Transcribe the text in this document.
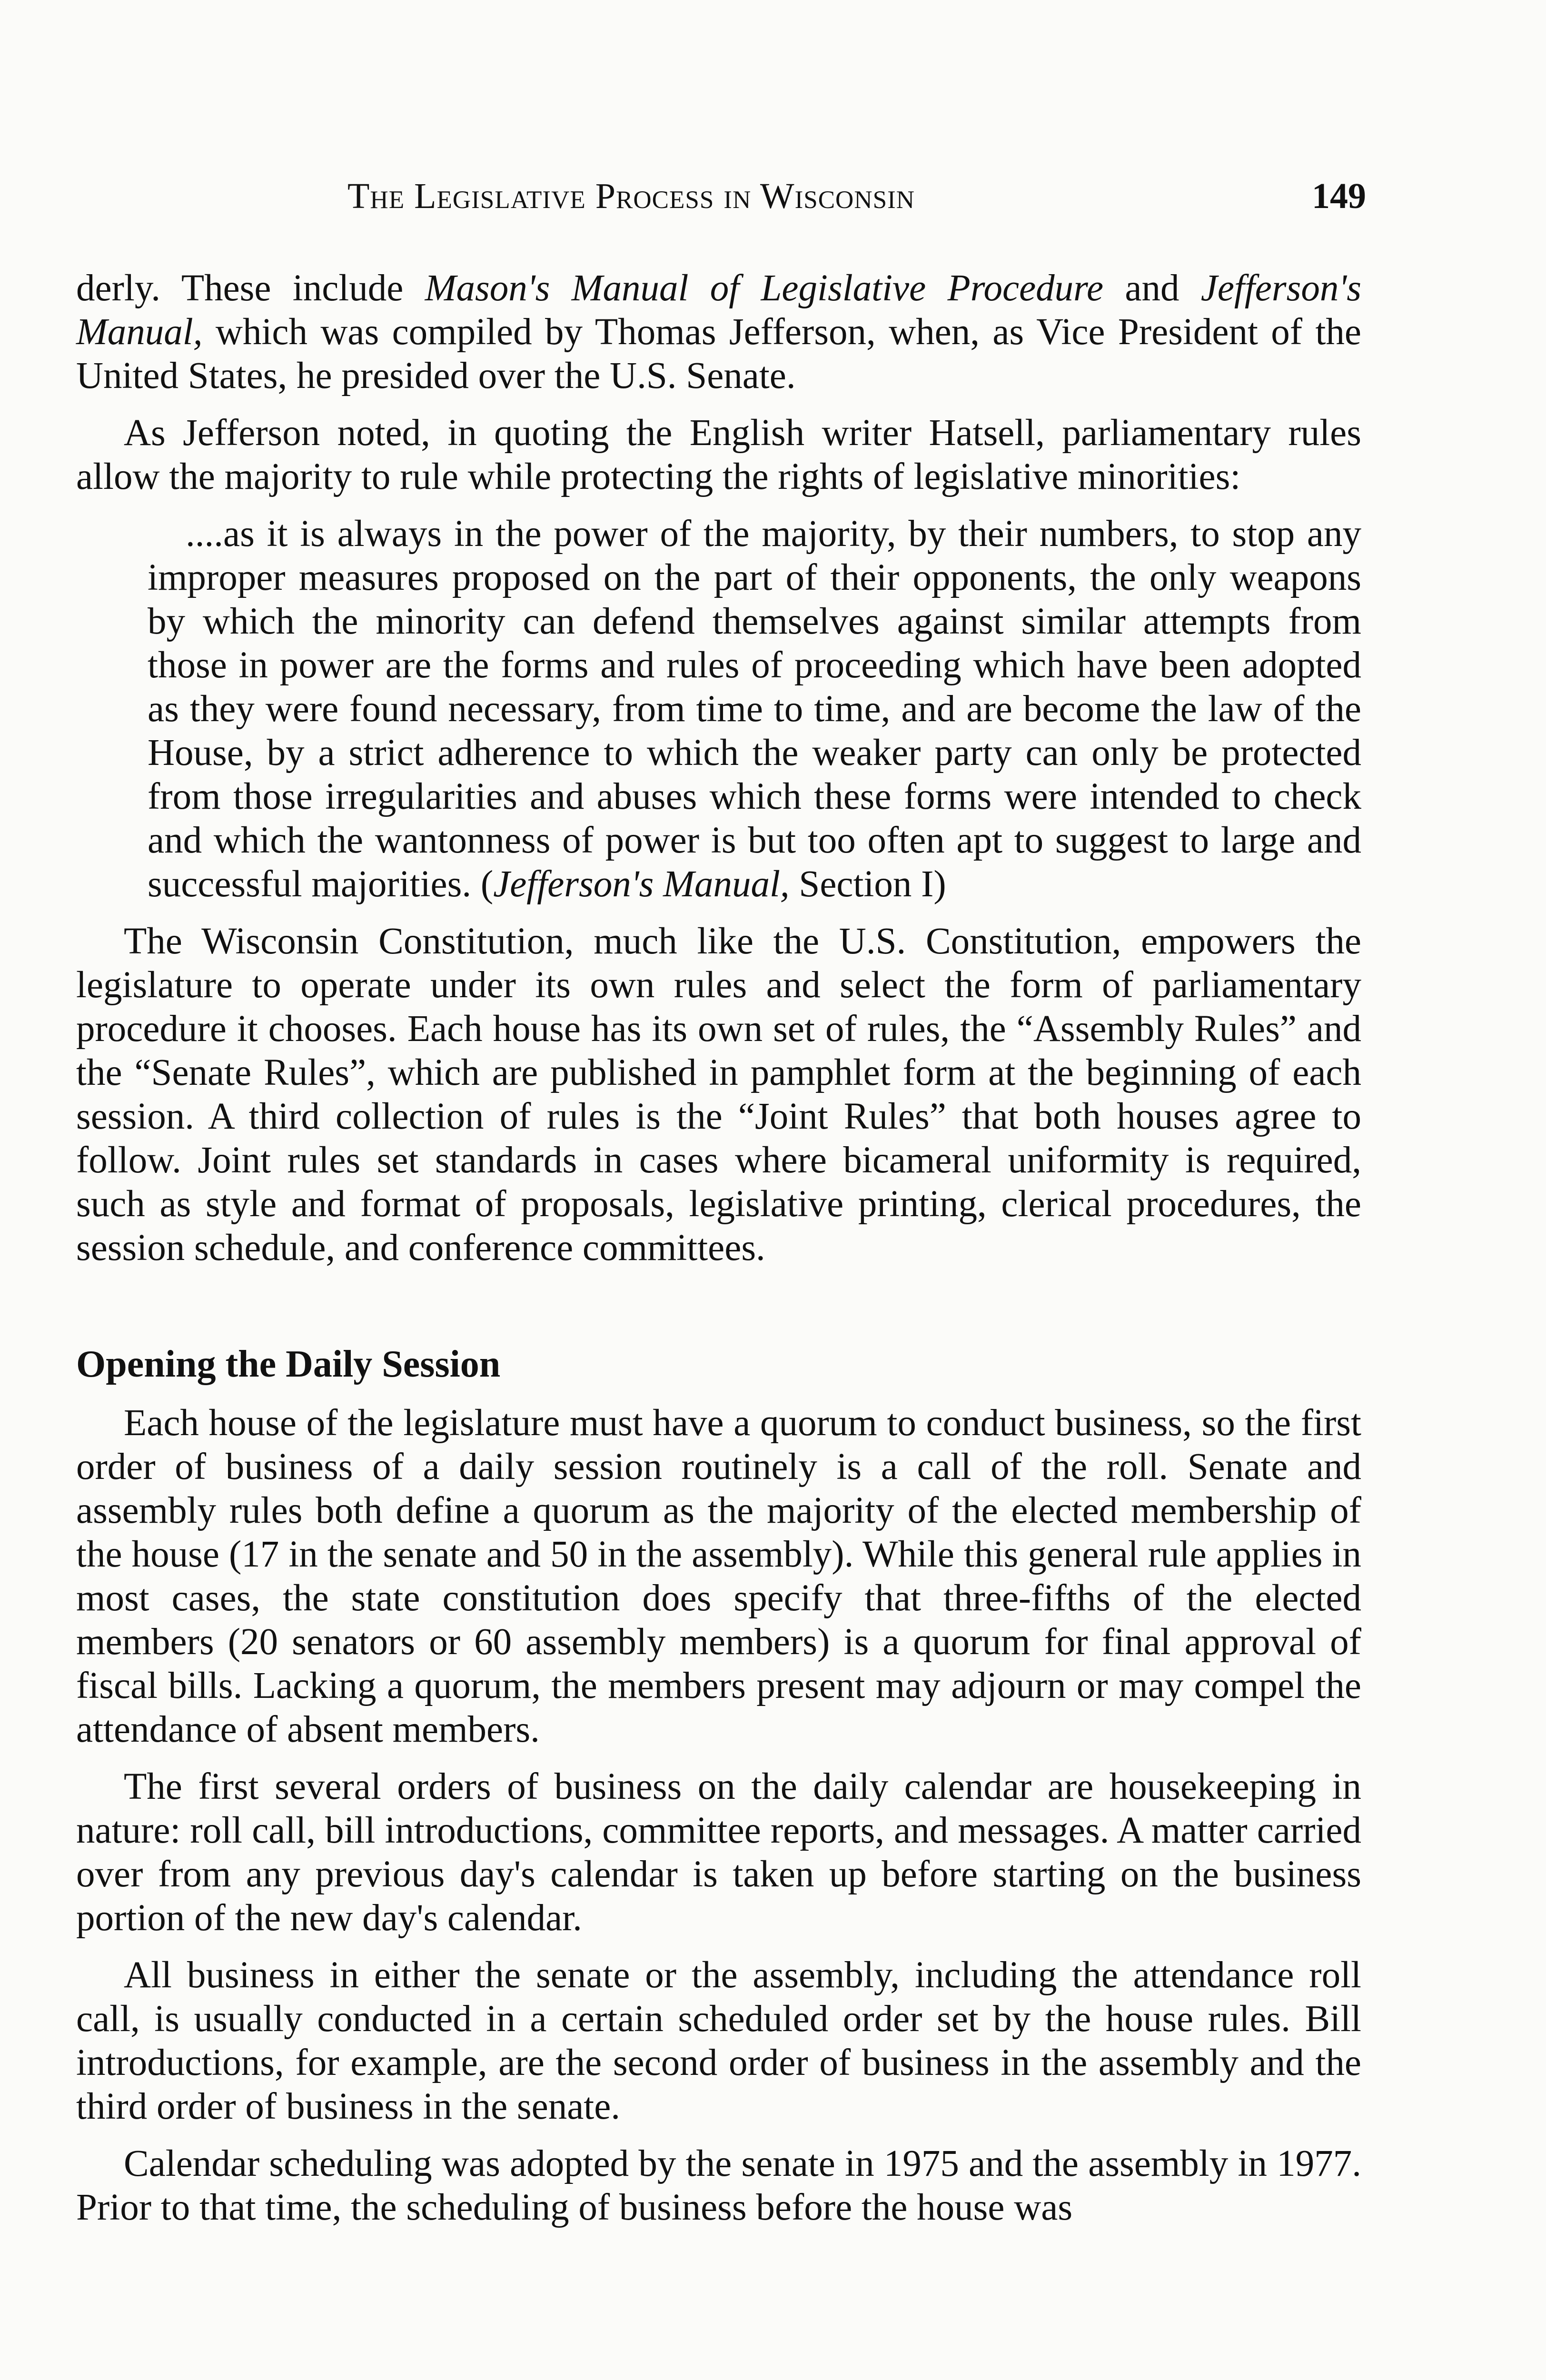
The Legislative Process in Wisconsin	149

derly. These include Mason's Manual of Legislative Procedure and Jefferson's Manual, which was compiled by Thomas Jefferson, when, as Vice President of the United States, he presided over the U.S. Senate.

As Jefferson noted, in quoting the English writer Hatsell, parliamentary rules allow the majority to rule while protecting the rights of legislative minorities:

....as it is always in the power of the majority, by their numbers, to stop any improper measures proposed on the part of their opponents, the only weapons by which the minority can defend themselves against similar attempts from those in power are the forms and rules of proceeding which have been adopted as they were found necessary, from time to time, and are become the law of the House, by a strict adherence to which the weaker party can only be protected from those irregularities and abuses which these forms were intended to check and which the wantonness of power is but too often apt to suggest to large and successful majorities. (Jefferson's Manual, Section I)

The Wisconsin Constitution, much like the U.S. Constitution, empowers the legislature to operate under its own rules and select the form of parliamentary procedure it chooses. Each house has its own set of rules, the “Assembly Rules” and the “Senate Rules”, which are published in pamphlet form at the beginning of each session. A third collection of rules is the “Joint Rules” that both houses agree to follow. Joint rules set standards in cases where bicameral uniformity is required, such as style and format of proposals, legislative printing, clerical procedures, the session schedule, and conference committees.

Opening the Daily Session

Each house of the legislature must have a quorum to conduct business, so the first order of business of a daily session routinely is a call of the roll. Senate and assembly rules both define a quorum as the majority of the elected membership of the house (17 in the senate and 50 in the assembly). While this general rule applies in most cases, the state constitution does specify that three-fifths of the elected members (20 senators or 60 assembly members) is a quorum for final approval of fiscal bills. Lacking a quorum, the members present may adjourn or may compel the attendance of absent members.

The first several orders of business on the daily calendar are housekeeping in nature: roll call, bill introductions, committee reports, and messages. A matter carried over from any previous day's calendar is taken up before starting on the business portion of the new day's calendar.

All business in either the senate or the assembly, including the attendance roll call, is usually conducted in a certain scheduled order set by the house rules. Bill introductions, for example, are the second order of business in the assembly and the third order of business in the senate.

Calendar scheduling was adopted by the senate in 1975 and the assembly in 1977. Prior to that time, the scheduling of business before the house was
